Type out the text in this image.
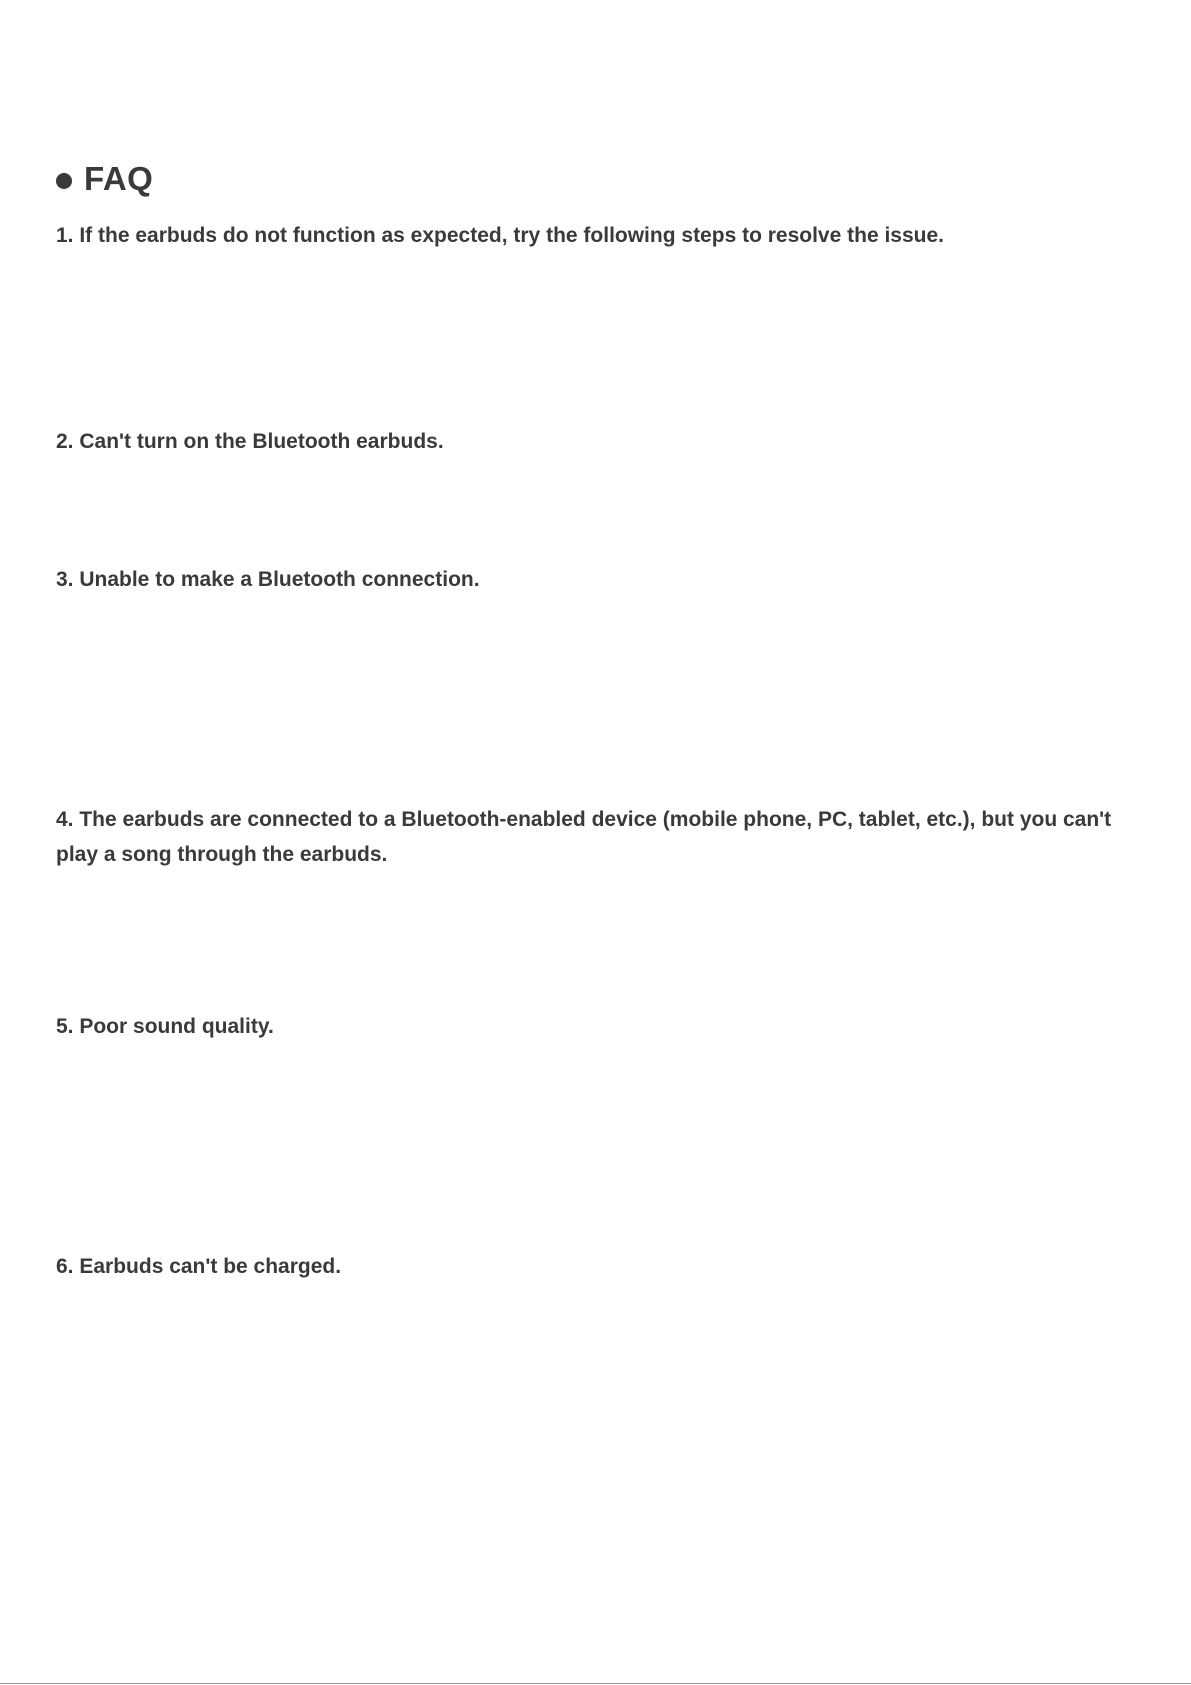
FAQ

1. If the earbuds do not function as expected, try the following steps to resolve the issue.

2. Can't turn on the Bluetooth earbuds.

3. Unable to make a Bluetooth connection.

4. The earbuds are connected to a Bluetooth-enabled device (mobile phone, PC, tablet, etc.), but you can't play a song through the earbuds.

5. Poor sound quality.

6. Earbuds can't be charged.
